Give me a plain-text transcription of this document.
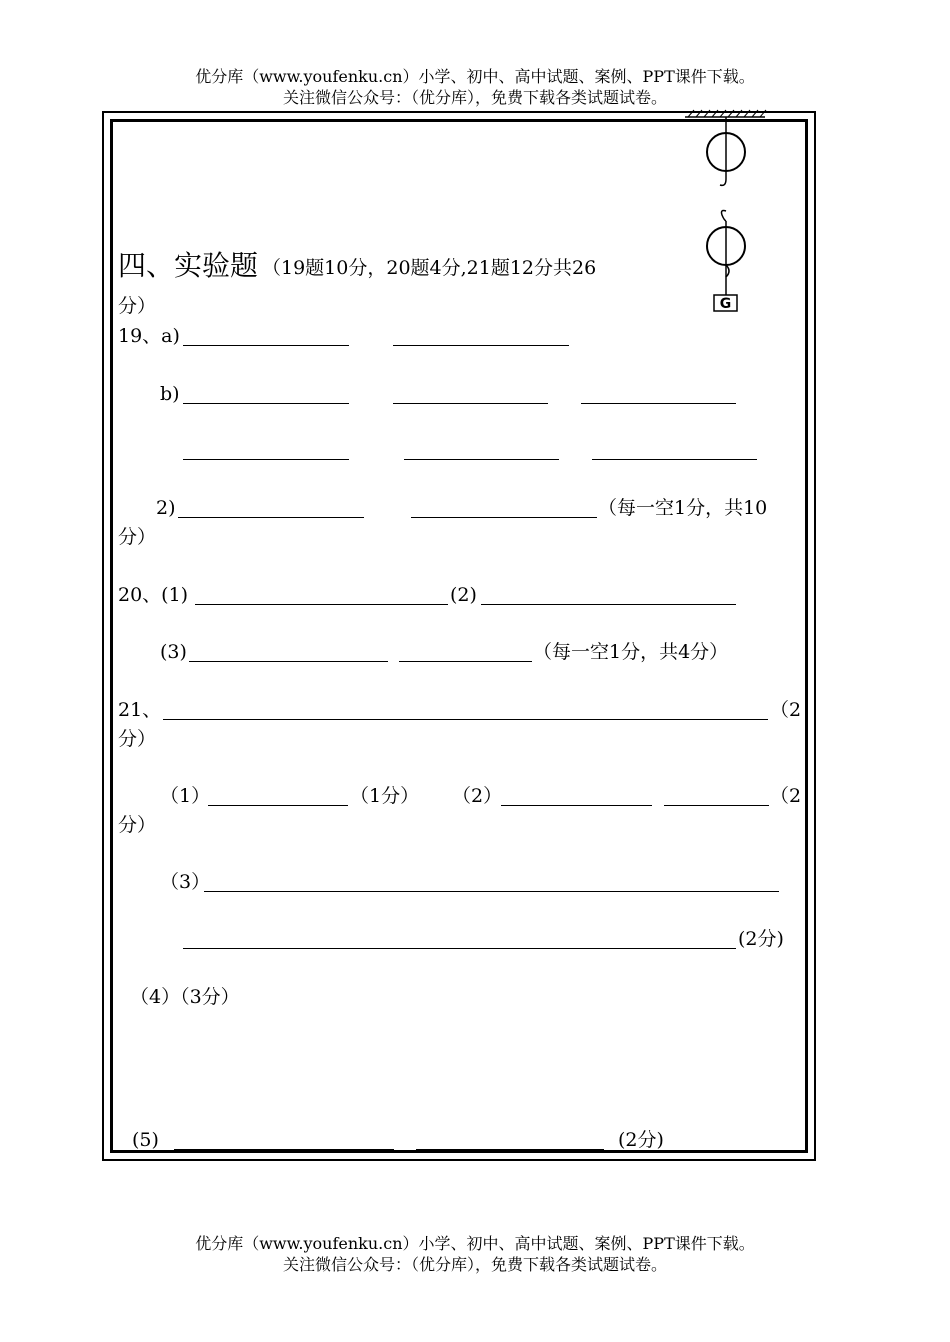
优分库（www.youfenku.cn）小学、初中、高中试题、案例、PPT课件下载。
关注微信公众号：（优分库），免费下载各类试题试卷。
G
四、实验题 （19题10分，20题4分,21题12分共26
分）
19、a)
b)
2)	（每一空1分，共10
分）
20、(1)	(2)
(3)	（每一空1分，共4分）
21、	（2
分）
（1）	（1分） （2）	（2
分）
（3）
(2分)
（4）（3分）
(5)	(2分)
优分库（www.youfenku.cn）小学、初中、高中试题、案例、PPT课件下载。
关注微信公众号：（优分库），免费下载各类试题试卷。
